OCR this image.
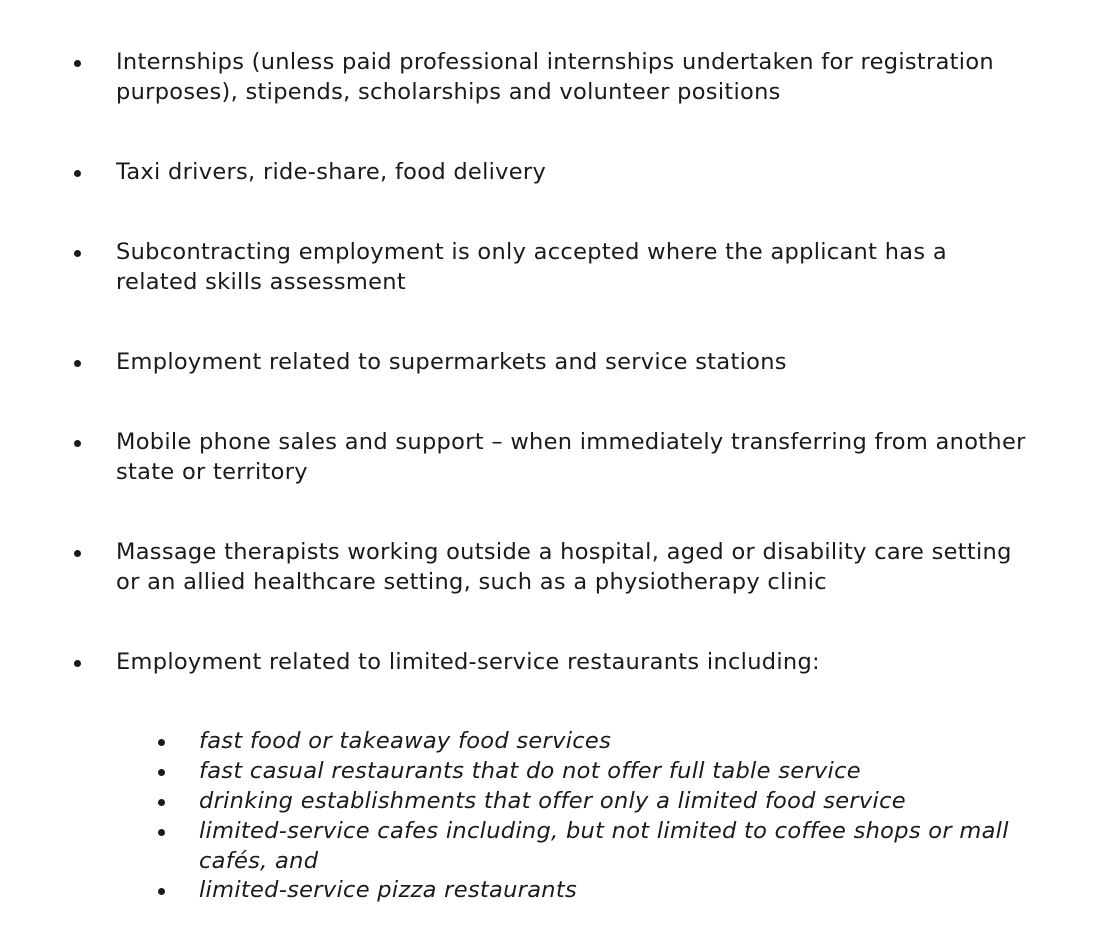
Internships (unless paid professional internships undertaken for registration purposes), stipends, scholarships and volunteer positions
Taxi drivers, ride-share, food delivery
Subcontracting employment is only accepted where the applicant has a related skills assessment
Employment related to supermarkets and service stations
Mobile phone sales and support – when immediately transferring from another state or territory
Massage therapists working outside a hospital, aged or disability care setting or an allied healthcare setting, such as a physiotherapy clinic
Employment related to limited-service restaurants including:
fast food or takeaway food services
fast casual restaurants that do not offer full table service
drinking establishments that offer only a limited food service
limited-service cafes including, but not limited to coffee shops or mall cafés, and
limited-service pizza restaurants
